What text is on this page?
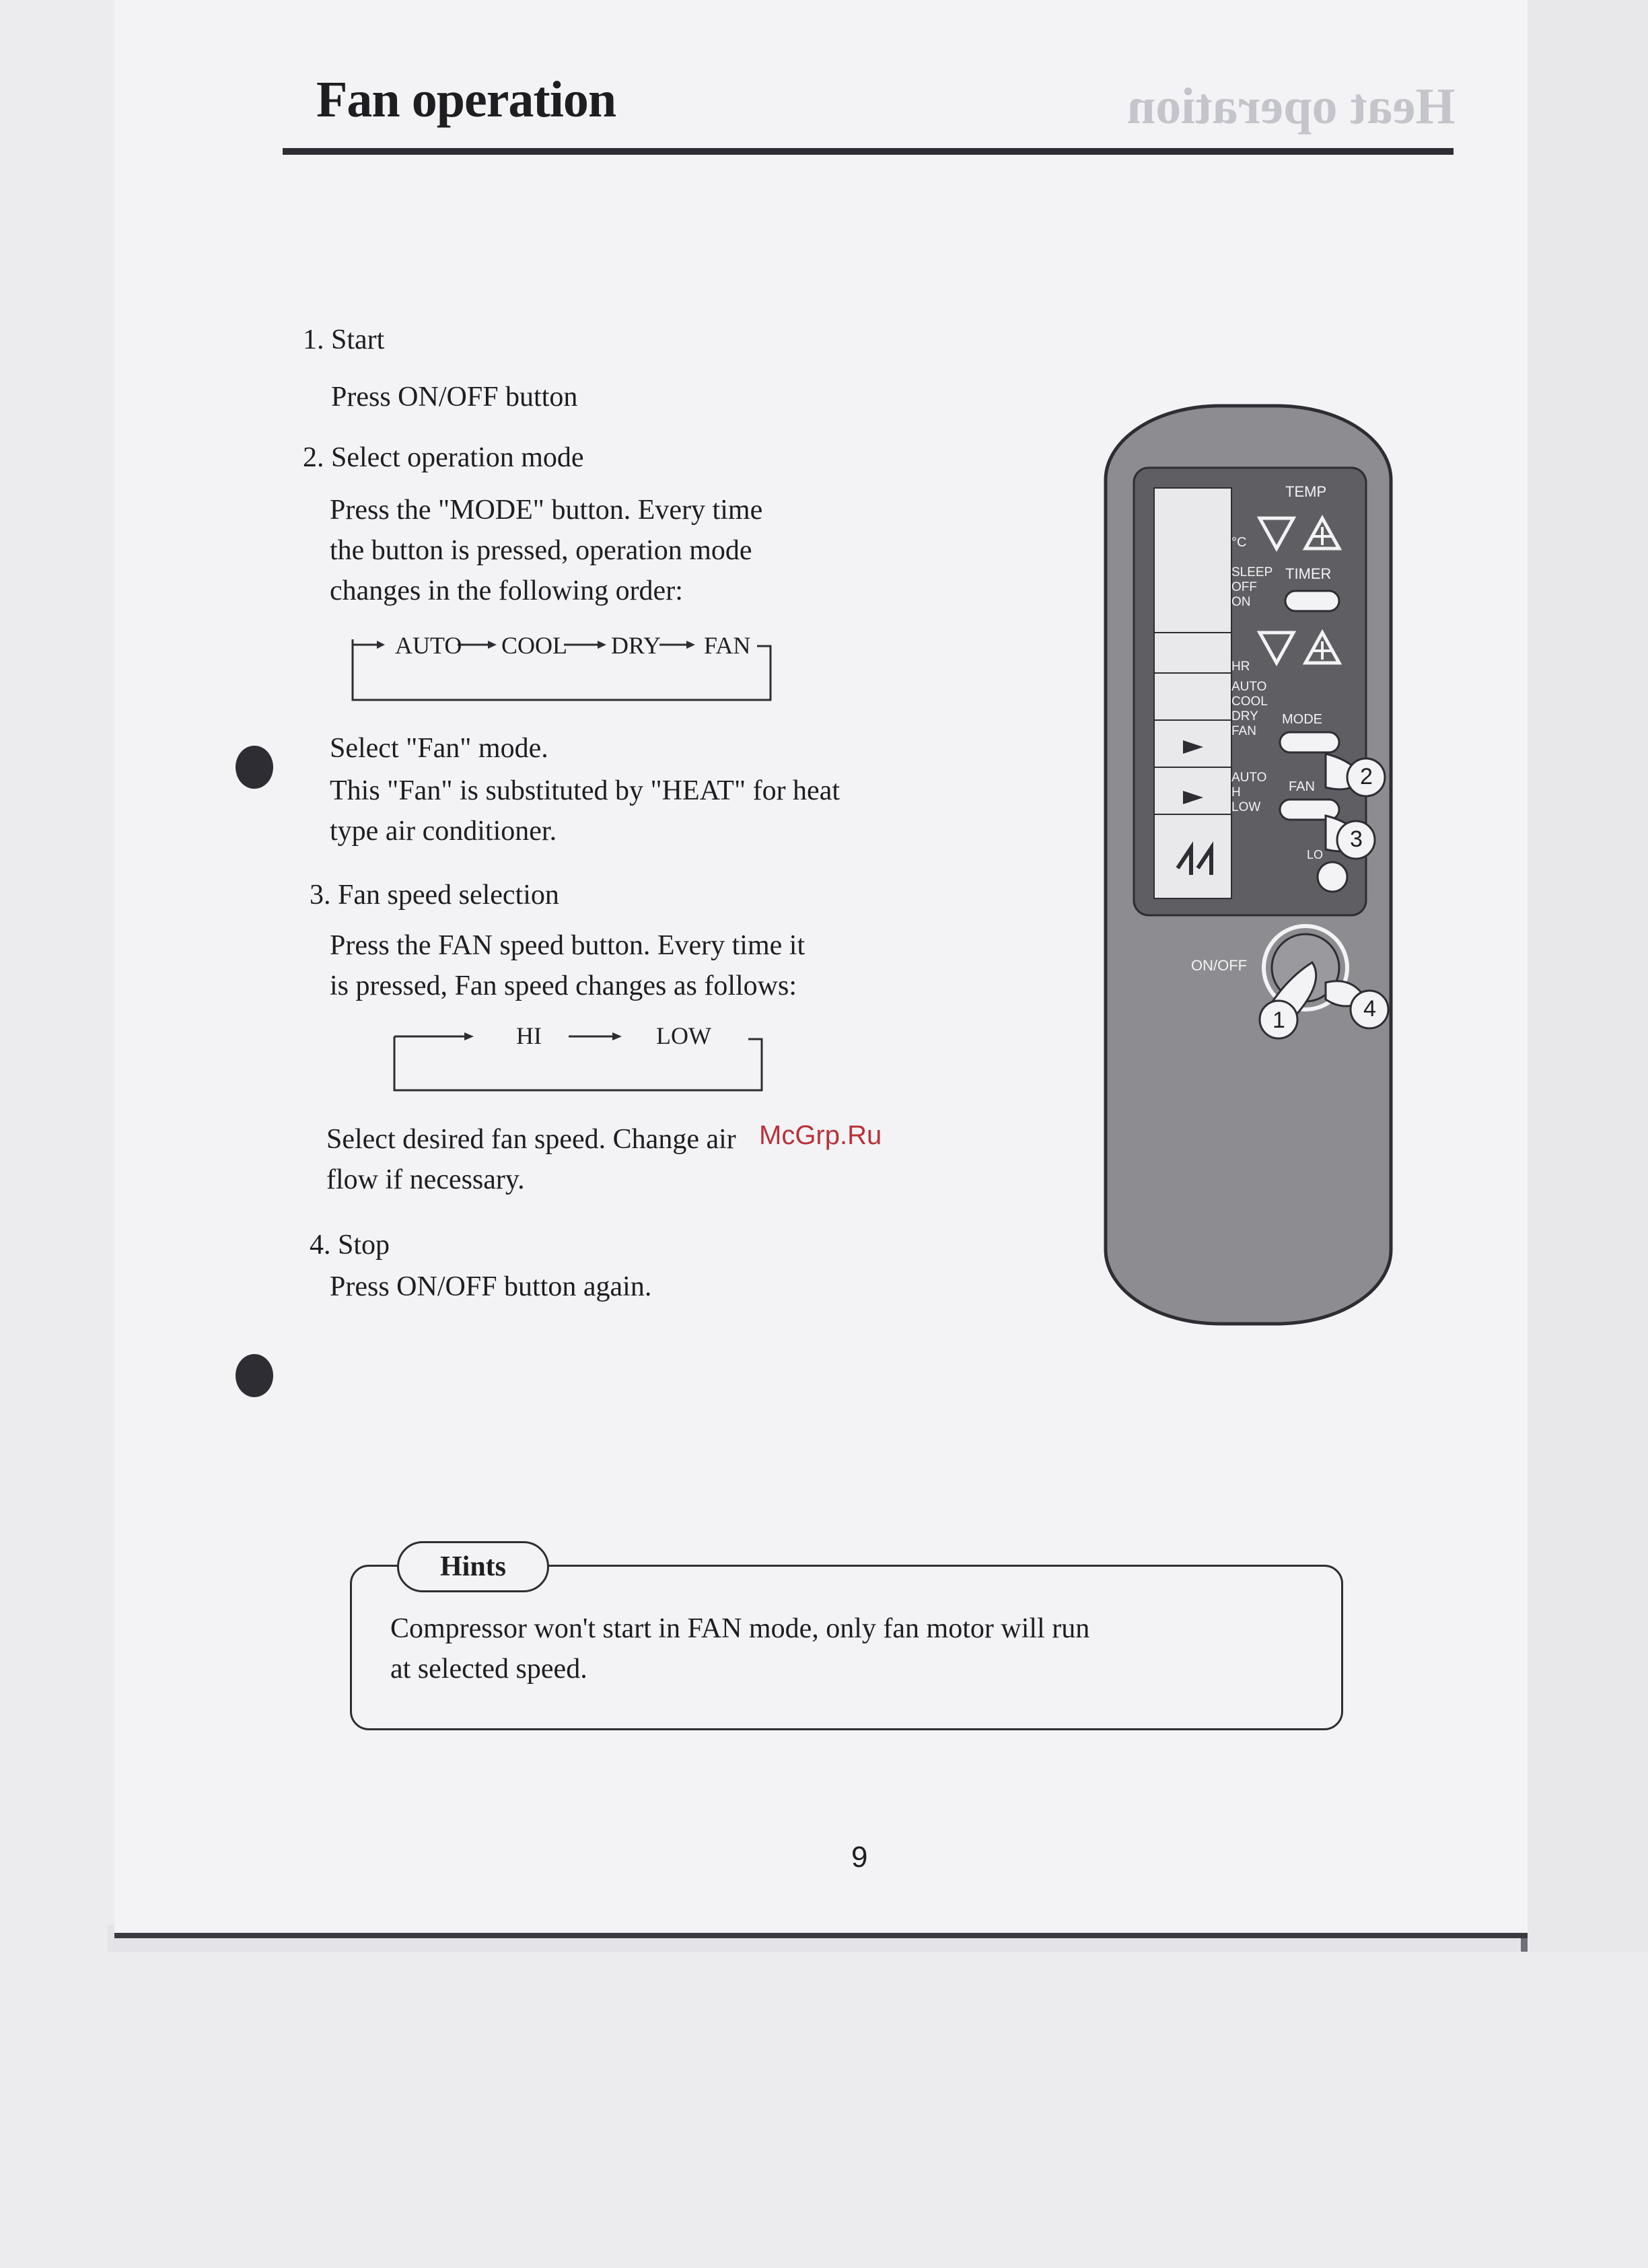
Heat operation
Fan operation
1. Start
Press ON/OFF button
2. Select operation mode
Press the "MODE" button. Every time
the button is pressed, operation mode
changes in the following order:
AUTO COOL DRY FAN
Select "Fan" mode.
This "Fan" is substituted by "HEAT" for heat
type air conditioner.
3. Fan speed selection
Press the FAN speed button. Every time it
is pressed, Fan speed changes as follows:
HI	LOW
Select desired fan speed. Change air McGrp.Ru
flow if necessary.
4. Stop
Press ON/OFF button again.
Hints
Compressor won't start in FAN mode, only fan motor will run
at selected speed.
9
TEMP
°C
SLEEP
OFF
ON
TIMER
HR
AUTO
COOL
DRY
FAN
MODE
AUTO
H
LOW
FAN
LO
ON/OFF
1
2
3
4
